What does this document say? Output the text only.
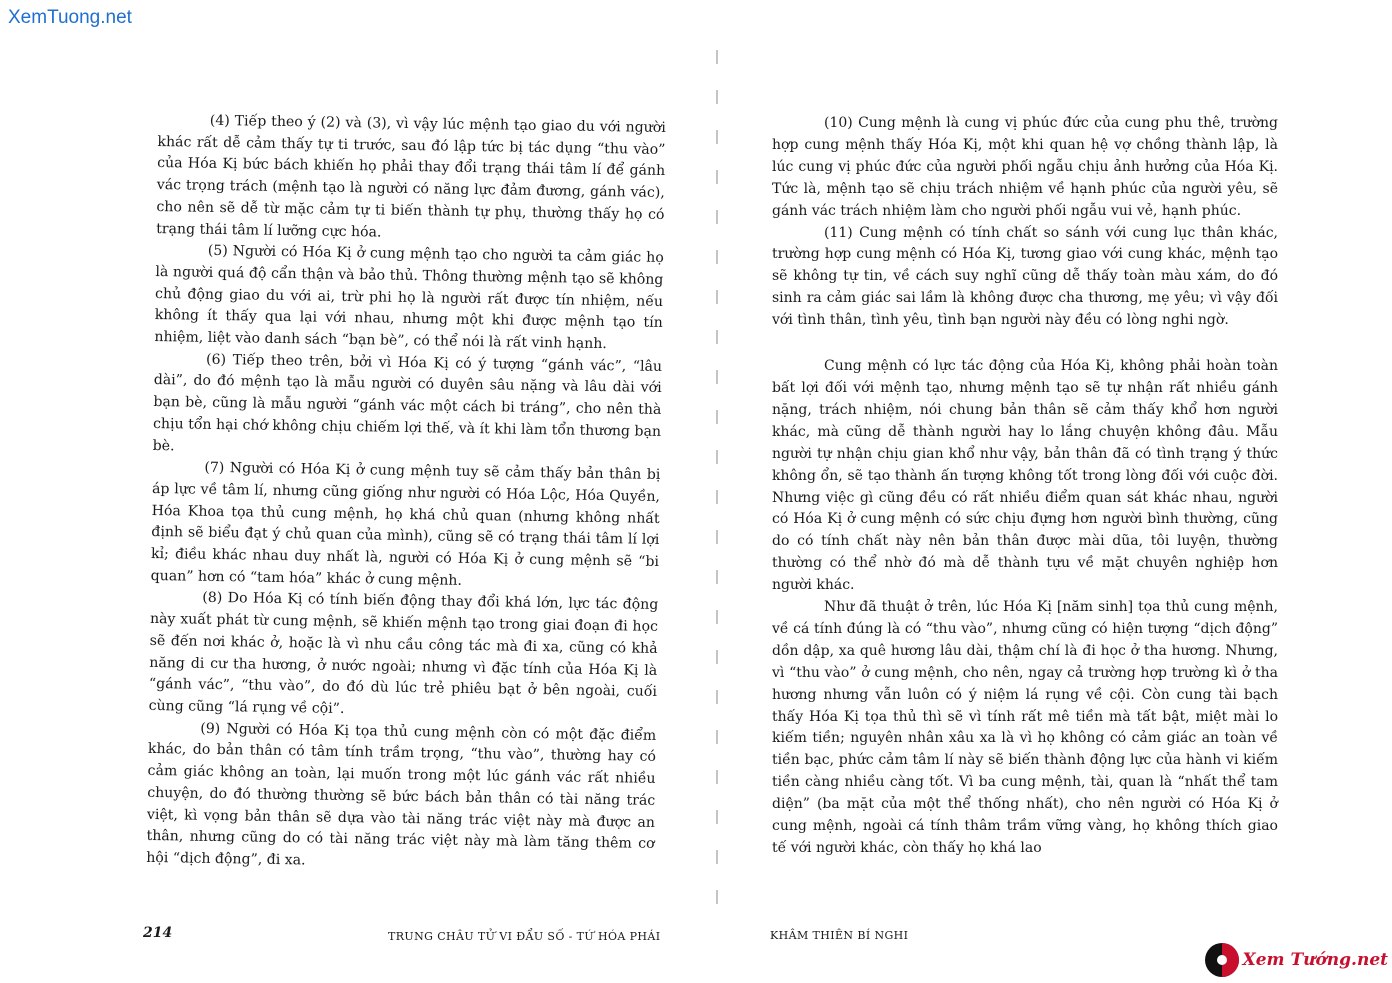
XemTuong.net

(4) Tiếp theo ý (2) và (3), vì vậy lúc mệnh tạo giao du với người khác rất dễ cảm thấy tự ti trước, sau đó lập tức bị tác dụng “thu vào” của Hóa Kị bức bách khiến họ phải thay đổi trạng thái tâm lí để gánh vác trọng trách (mệnh tạo là người có năng lực đảm đương, gánh vác), cho nên sẽ dễ từ mặc cảm tự ti biến thành tự phụ, thường thấy họ có trạng thái tâm lí lưỡng cực hóa.

(5) Người có Hóa Kị ở cung mệnh tạo cho người ta cảm giác họ là người quá độ cẩn thận và bảo thủ. Thông thường mệnh tạo sẽ không chủ động giao du với ai, trừ phi họ là người rất được tín nhiệm, nếu không ít thấy qua lại với nhau, nhưng một khi được mệnh tạo tín nhiệm, liệt vào danh sách “bạn bè”, có thể nói là rất vinh hạnh.

(6) Tiếp theo trên, bởi vì Hóa Kị có ý tượng “gánh vác”, “lâu dài”, do đó mệnh tạo là mẫu người có duyên sâu nặng và lâu dài với bạn bè, cũng là mẫu người “gánh vác một cách bi tráng”, cho nên thà chịu tổn hại chớ không chịu chiếm lợi thế, và ít khi làm tổn thương bạn bè.

(7) Người có Hóa Kị ở cung mệnh tuy sẽ cảm thấy bản thân bị áp lực về tâm lí, nhưng cũng giống như người có Hóa Lộc, Hóa Quyền, Hóa Khoa tọa thủ cung mệnh, họ khá chủ quan (nhưng không nhất định sẽ biểu đạt ý chủ quan của mình), cũng sẽ có trạng thái tâm lí lợi kỉ; điều khác nhau duy nhất là, người có Hóa Kị ở cung mệnh sẽ “bi quan” hơn có “tam hóa” khác ở cung mệnh.

(8) Do Hóa Kị có tính biến động thay đổi khá lớn, lực tác động này xuất phát từ cung mệnh, sẽ khiến mệnh tạo trong giai đoạn đi học sẽ đến nơi khác ở, hoặc là vì nhu cầu công tác mà đi xa, cũng có khả năng di cư tha hương, ở nước ngoài; nhưng vì đặc tính của Hóa Kị là “gánh vác”, “thu vào”, do đó dù lúc trẻ phiêu bạt ở bên ngoài, cuối cùng cũng “lá rụng về cội”.

(9) Người có Hóa Kị tọa thủ cung mệnh còn có một đặc điểm khác, do bản thân có tâm tính trầm trọng, “thu vào”, thường hay có cảm giác không an toàn, lại muốn trong một lúc gánh vác rất nhiều chuyện, do đó thường thường sẽ bức bách bản thân có tài năng trác việt, kì vọng bản thân sẽ dựa vào tài năng trác việt này mà được an thân, nhưng cũng do có tài năng trác việt này mà làm tăng thêm cơ hội “dịch động”, đi xa.

214	TRUNG CHÂU TỬ VI ĐẨU SỐ - TỨ HÓA PHÁI

(10) Cung mệnh là cung vị phúc đức của cung phu thê, trường hợp cung mệnh thấy Hóa Kị, một khi quan hệ vợ chồng thành lập, là lúc cung vị phúc đức của người phối ngẫu chịu ảnh hưởng của Hóa Kị. Tức là, mệnh tạo sẽ chịu trách nhiệm về hạnh phúc của người yêu, sẽ gánh vác trách nhiệm làm cho người phối ngẫu vui vẻ, hạnh phúc.

(11) Cung mệnh có tính chất so sánh với cung lục thân khác, trường hợp cung mệnh có Hóa Kị, tương giao với cung khác, mệnh tạo sẽ không tự tin, về cách suy nghĩ cũng dễ thấy toàn màu xám, do đó sinh ra cảm giác sai lầm là không được cha thương, mẹ yêu; vì vậy đối với tình thân, tình yêu, tình bạn người này đều có lòng nghi ngờ.

Cung mệnh có lực tác động của Hóa Kị, không phải hoàn toàn bất lợi đối với mệnh tạo, nhưng mệnh tạo sẽ tự nhận rất nhiều gánh nặng, trách nhiệm, nói chung bản thân sẽ cảm thấy khổ hơn người khác, mà cũng dễ thành người hay lo lắng chuyện không đâu. Mẫu người tự nhận chịu gian khổ như vậy, bản thân đã có tình trạng ý thức không ổn, sẽ tạo thành ấn tượng không tốt trong lòng đối với cuộc đời. Nhưng việc gì cũng đều có rất nhiều điểm quan sát khác nhau, người có Hóa Kị ở cung mệnh có sức chịu đựng hơn người bình thường, cũng do có tính chất này nên bản thân được mài dũa, tôi luyện, thường thường có thể nhờ đó mà dễ thành tựu về mặt chuyên nghiệp hơn người khác.

Như đã thuật ở trên, lúc Hóa Kị [năm sinh] tọa thủ cung mệnh, về cá tính đúng là có “thu vào”, nhưng cũng có hiện tượng “dịch động” dồn dập, xa quê hương lâu dài, thậm chí là đi học ở tha hương. Nhưng, vì “thu vào” ở cung mệnh, cho nên, ngay cả trường hợp trường kì ở tha hương nhưng vẫn luôn có ý niệm lá rụng về cội. Còn cung tài bạch thấy Hóa Kị tọa thủ thì sẽ vì tính rất mê tiền mà tất bật, miệt mài lo kiếm tiền; nguyên nhân xâu xa là vì họ không có cảm giác an toàn về tiền bạc, phức cảm tâm lí này sẽ biến thành động lực của hành vi kiếm tiền càng nhiều càng tốt. Vì ba cung mệnh, tài, quan là “nhất thể tam diện” (ba mặt của một thể thống nhất), cho nên người có Hóa Kị ở cung mệnh, ngoài cá tính thâm trầm vững vàng, họ không thích giao tế với người khác, còn thấy họ khá lao

KHÂM THIÊN BÍ NGHI
Xem Tướng.net
